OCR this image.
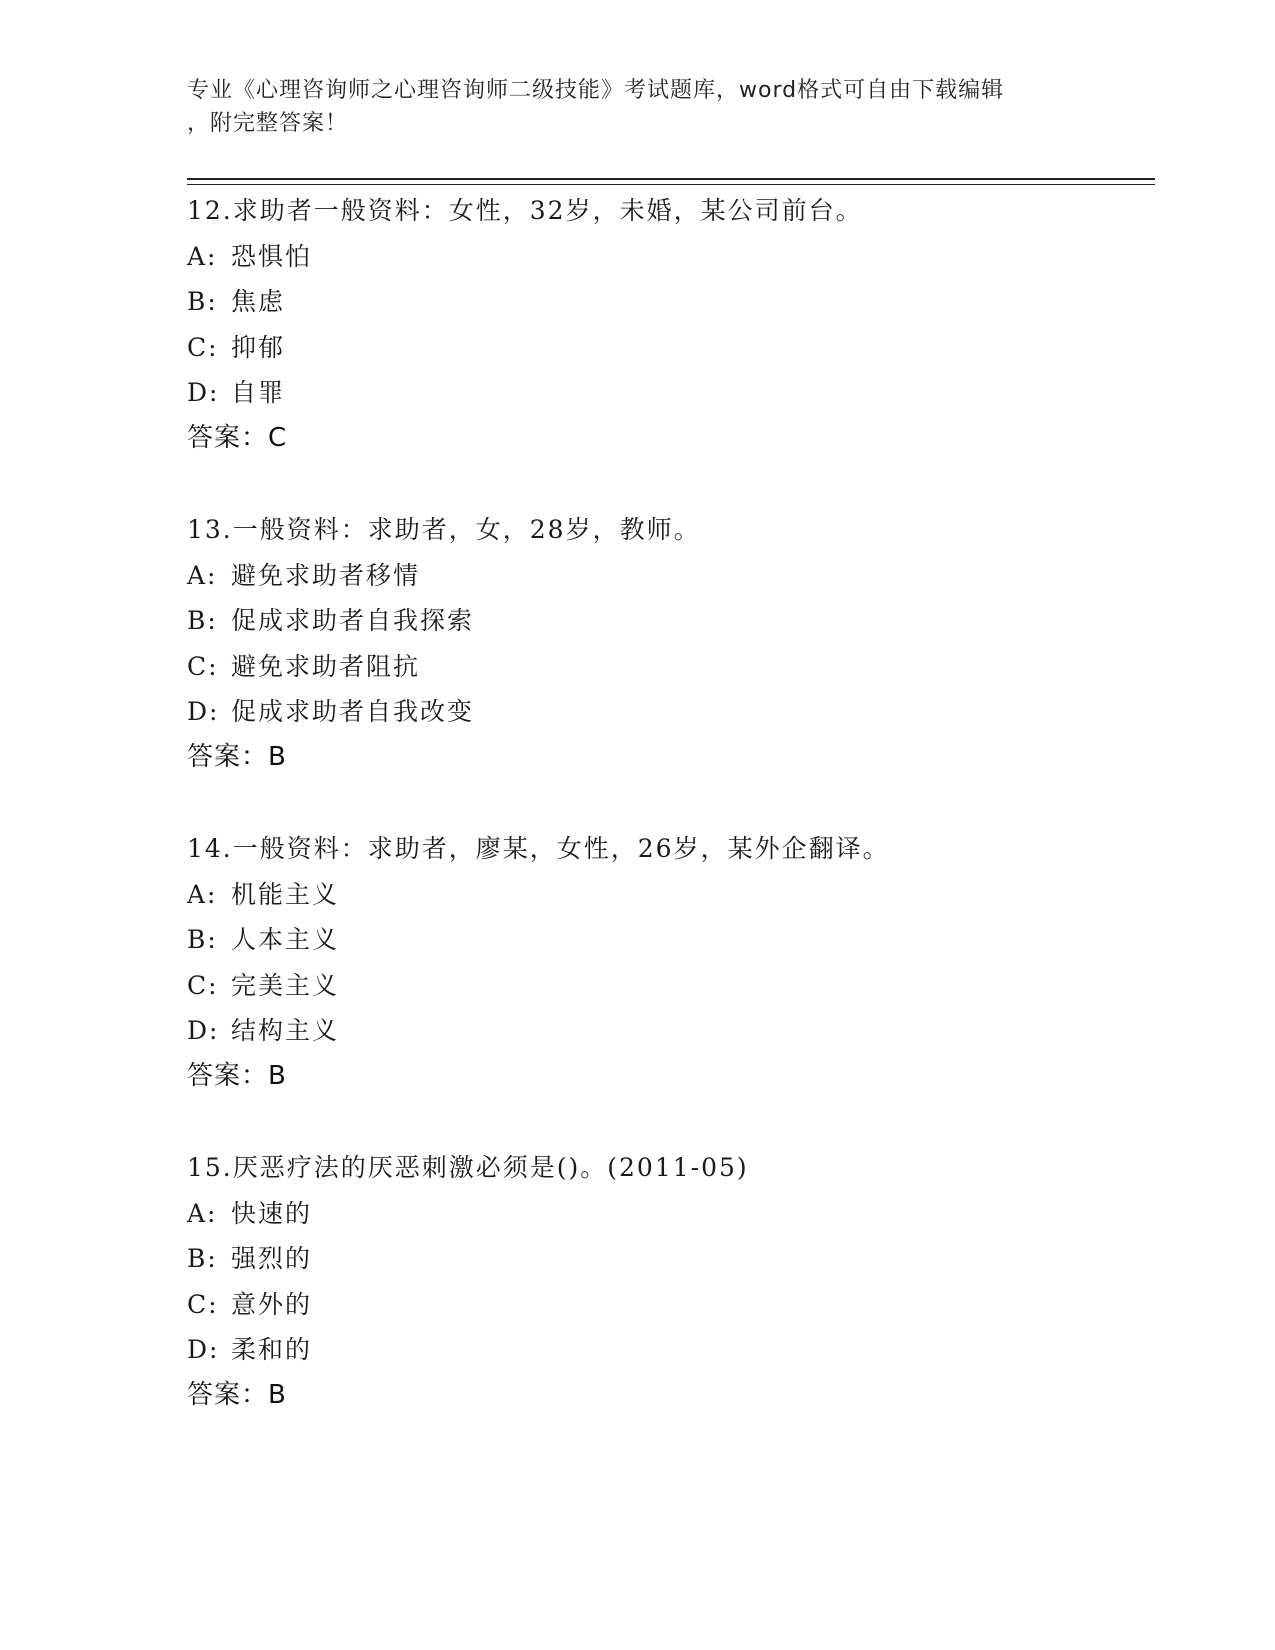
专业《心理咨询师之心理咨询师二级技能》考试题库，word格式可自由下载编辑
，附完整答案！
12.求助者一般资料：女性，32岁，未婚，某公司前台。
A: 恐惧怕
B: 焦虑
C: 抑郁
D: 自罪
答案：C
13.一般资料：求助者，女，28岁，教师。
A: 避免求助者移情
B: 促成求助者自我探索
C: 避免求助者阻抗
D: 促成求助者自我改变
答案：B
14.一般资料：求助者，廖某，女性，26岁，某外企翻译。
A: 机能主义
B: 人本主义
C: 完美主义
D: 结构主义
答案：B
15.厌恶疗法的厌恶刺激必须是()。(2011-05)
A: 快速的
B: 强烈的
C: 意外的
D: 柔和的
答案：B
